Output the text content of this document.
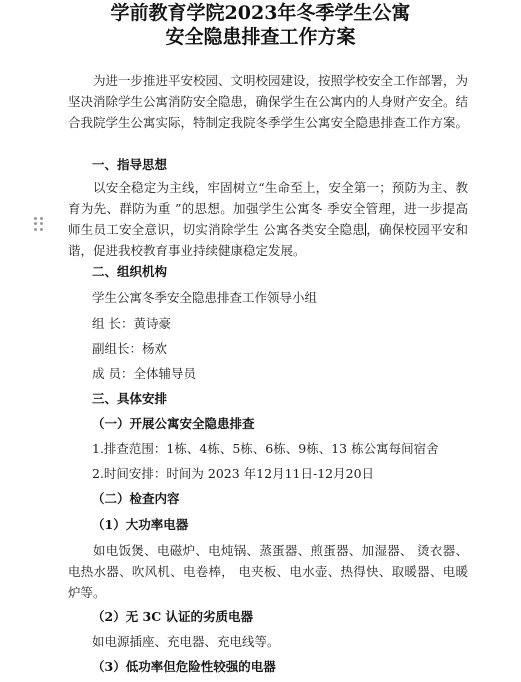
学前教育学院2023年冬季学生公寓
安全隐患排查工作方案

为进一步推进平安校园、文明校园建设，按照学校安全工作部署，为坚决消除学生公寓消防安全隐患，确保学生在公寓内的人身财产安全。结合我院学生公寓实际，特制定我院冬季学生公寓安全隐患排查工作方案。

一、指导思想

以安全稳定为主线，牢固树立“生命至上，安全第一；预防为主、教育为先、群防为重 ”的思想。加强学生公寓冬 季安全管理，进一步提高师生员工安全意识，切实消除学生 公寓各类安全隐患，确保校园平安和谐，促进我校教育事业持续健康稳定发展。

二、组织机构
学生公寓冬季安全隐患排查工作领导小组
组 长：黄诗豪
副组长：杨欢
成 员：全体辅导员
三、具体安排
（一）开展公寓安全隐患排查
1.排查范围：1栋、4栋、5栋、6栋、9栋、13 栋公寓每间宿舍
2.时间安排：时间为 2023 年12月11日-12月20日
（二）检查内容
（1）大功率电器

如电饭煲、电磁炉、电炖锅、蒸蛋器、煎蛋器、加湿器、 烫衣器、电热水器、吹风机、电卷棒， 电夹板、电水壶、热得快、取暖器、电暖炉等。

（2）无 3C 认证的劣质电器
如电源插座、充电器、充电线等。
（3）低功率但危险性较强的电器
